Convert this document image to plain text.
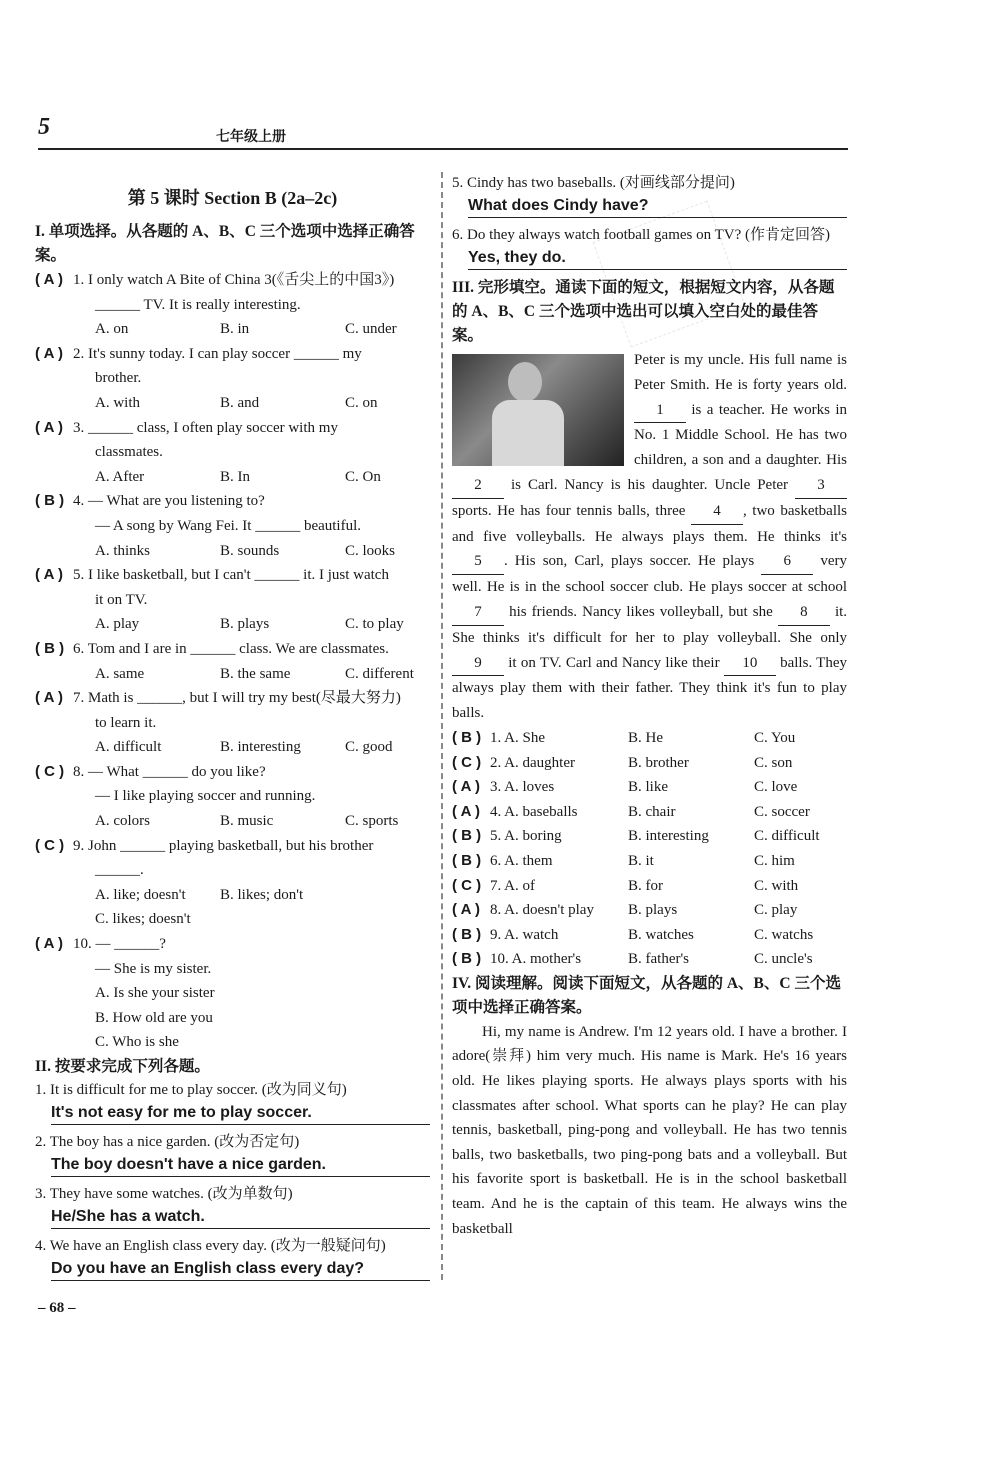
5	七年级上册
第 5 课时 Section B (2a–2c)
I. 单项选择。从各题的 A、B、C 三个选项中选择正确答案。
( A ) 1. I only watch A Bite of China 3(《舌尖上的中国3》)
______ TV. It is really interesting.
A. on	B. in	C. under
( A ) 2. It's sunny today. I can play soccer ______ my
brother.
A. with	B. and	C. on
( A ) 3. ______ class, I often play soccer with my
classmates.
A. After	B. In	C. On
( B ) 4. — What are you listening to?
— A song by Wang Fei. It ______ beautiful.
A. thinks	B. sounds	C. looks
( A ) 5. I like basketball, but I can't ______ it. I just watch
it on TV.
A. play	B. plays	C. to play
( B ) 6. Tom and I are in ______ class. We are classmates.
A. same	B. the same	C. different
( A ) 7. Math is ______, but I will try my best(尽最大努力)
to learn it.
A. difficult	B. interesting	C. good
( C ) 8. — What ______ do you like?
— I like playing soccer and running.
A. colors	B. music	C. sports
( C ) 9. John ______ playing basketball, but his brother
______.
A. like; doesn't	B. likes; don't
C. likes; doesn't
( A ) 10. — ______?
— She is my sister.
A. Is she your sister
B. How old are you
C. Who is she
II. 按要求完成下列各题。
1. It is difficult for me to play soccer. (改为同义句)
It's not easy for me to play soccer.
2. The boy has a nice garden. (改为否定句)
The boy doesn't have a nice garden.
3. They have some watches. (改为单数句)
He/She has a watch.
4. We have an English class every day. (改为一般疑问句)
Do you have an English class every day?
5. Cindy has two baseballs. (对画线部分提问)
What does Cindy have?
6. Do they always watch football games on TV? (作肯定回答)
Yes, they do.
III. 完形填空。通读下面的短文，根据短文内容，从各题的 A、B、C 三个选项中选出可以填入空白处的最佳答案。
Peter is my uncle. His full name is Peter Smith. He is forty years old. 1 is a teacher. He works in No. 1 Middle School. He has two children, a son and a daughter. His 2 is Carl. Nancy is his daughter. Uncle Peter 3 sports. He has four tennis balls, three 4 , two basketballs and five volleyballs. He always plays them. He thinks it's 5 . His son, Carl, plays soccer. He plays 6 very well. He is in the school soccer club. He plays soccer at school 7 his friends. Nancy likes volleyball, but she 8 it. She thinks it's difficult for her to play volleyball. She only 9 it on TV. Carl and Nancy like their 10 balls. They always play them with their father. They think it's fun to play balls.
( B ) 1. A. She	B. He	C. You
( C ) 2. A. daughter	B. brother	C. son
( A ) 3. A. loves	B. like	C. love
( A ) 4. A. baseballs	B. chair	C. soccer
( B ) 5. A. boring	B. interesting	C. difficult
( B ) 6. A. them	B. it	C. him
( C ) 7. A. of	B. for	C. with
( A ) 8. A. doesn't play	B. plays	C. play
( B ) 9. A. watch	B. watches	C. watchs
( B ) 10. A. mother's	B. father's	C. uncle's
IV. 阅读理解。阅读下面短文，从各题的 A、B、C 三个选项中选择正确答案。
Hi, my name is Andrew. I'm 12 years old. I have a brother. I adore(崇拜) him very much. His name is Mark. He's 16 years old. He likes playing sports. He always plays sports with his classmates after school. What sports can he play? He can play tennis, basketball, ping-pong and volleyball. He has two tennis balls, two basketballs, two ping-pong bats and a volleyball. But his favorite sport is basketball. He is in the school basketball team. And he is the captain of this team. He always wins the basketball
– 68 –
